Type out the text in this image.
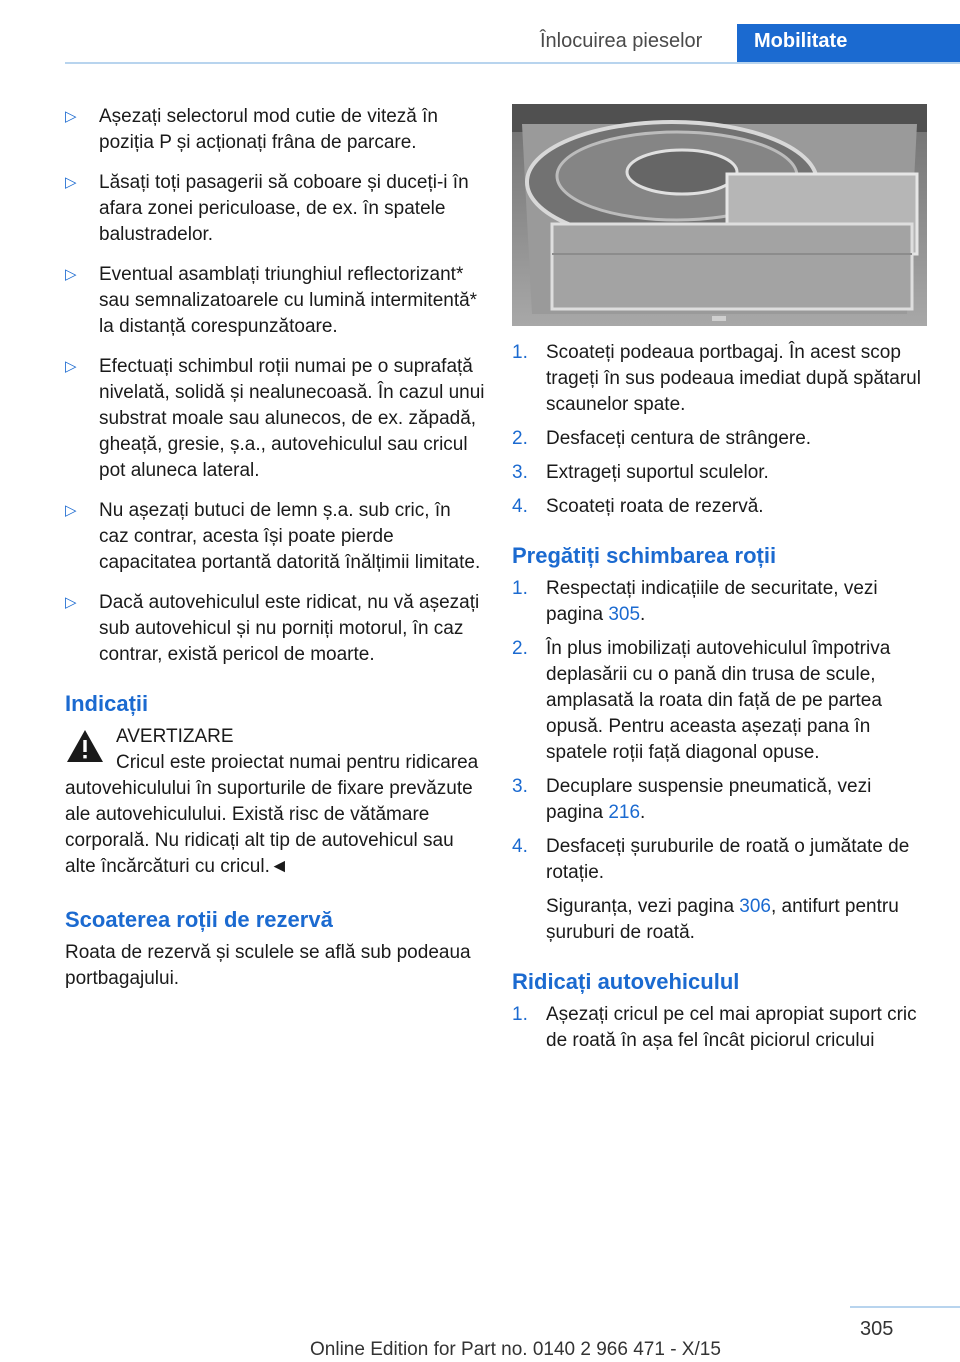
Înlocuirea pieselor	Mobilitate
▷ Așezați selectorul mod cutie de viteză în poziția P și acționați frâna de parcare.

▷ Lăsați toți pasagerii să coboare și duceți-i în afara zonei periculoase, de ex. în spatele balustradelor.

▷ Eventual asamblați triunghiul reflectorizant* sau semnalizatoarele cu lumină intermitentă* la distanță corespunzătoare.

▷ Efectuați schimbul roții numai pe o suprafață nivelată, solidă și nealunecoasă. În cazul unui substrat moale sau alunecos, de ex. zăpadă, gheață, gresie, ș.a., autovehiculul sau cricul pot aluneca lateral.

▷ Nu așezați butuci de lemn ș.a. sub cric, în caz contrar, acesta își poate pierde capacitatea portantă datorită înălțimii limitate.

▷ Dacă autovehiculul este ridicat, nu vă așezați sub autovehicul și nu porniți motorul, în caz contrar, există pericol de moarte.

Indicații

AVERTIZARE

Cricul este proiectat numai pentru ridicarea autovehiculului în suporturile de fixare prevăzute ale autovehiculului. Există risc de vătămare corporală. Nu ridicați alt tip de autovehicul sau alte încărcături cu cricul.◄

Scoaterea roții de rezervă

Roata de rezervă și sculele se află sub podeaua portbagajului.

1. Scoateți podeaua portbagaj. În acest scop trageți în sus podeaua imediat după spătarul scaunelor spate.

2. Desfaceți centura de strângere.

3. Extrageți suportul sculelor.

4. Scoateți roata de rezervă.

Pregătiți schimbarea roții
1. Respectați indicațiile de securitate, vezi pagina 305.

2. În plus imobilizați autovehiculul împotriva deplasării cu o pană din trusa de scule, amplasată la roata din față de pe partea opusă. Pentru aceasta așezați pana în spatele roții față diagonal opuse.

3. Decuplare suspensie pneumatică, vezi pagina 216.

4. Desfaceți șuruburile de roată o jumătate de rotație.

Siguranța, vezi pagina 306, antifurt pentru șuruburi de roată.

Ridicați autovehiculul
1. Așezați cricul pe cel mai apropiat suport cric de roată în așa fel încât piciorul cricului

305
Online Edition for Part no. 0140 2 966 471 - X/15
